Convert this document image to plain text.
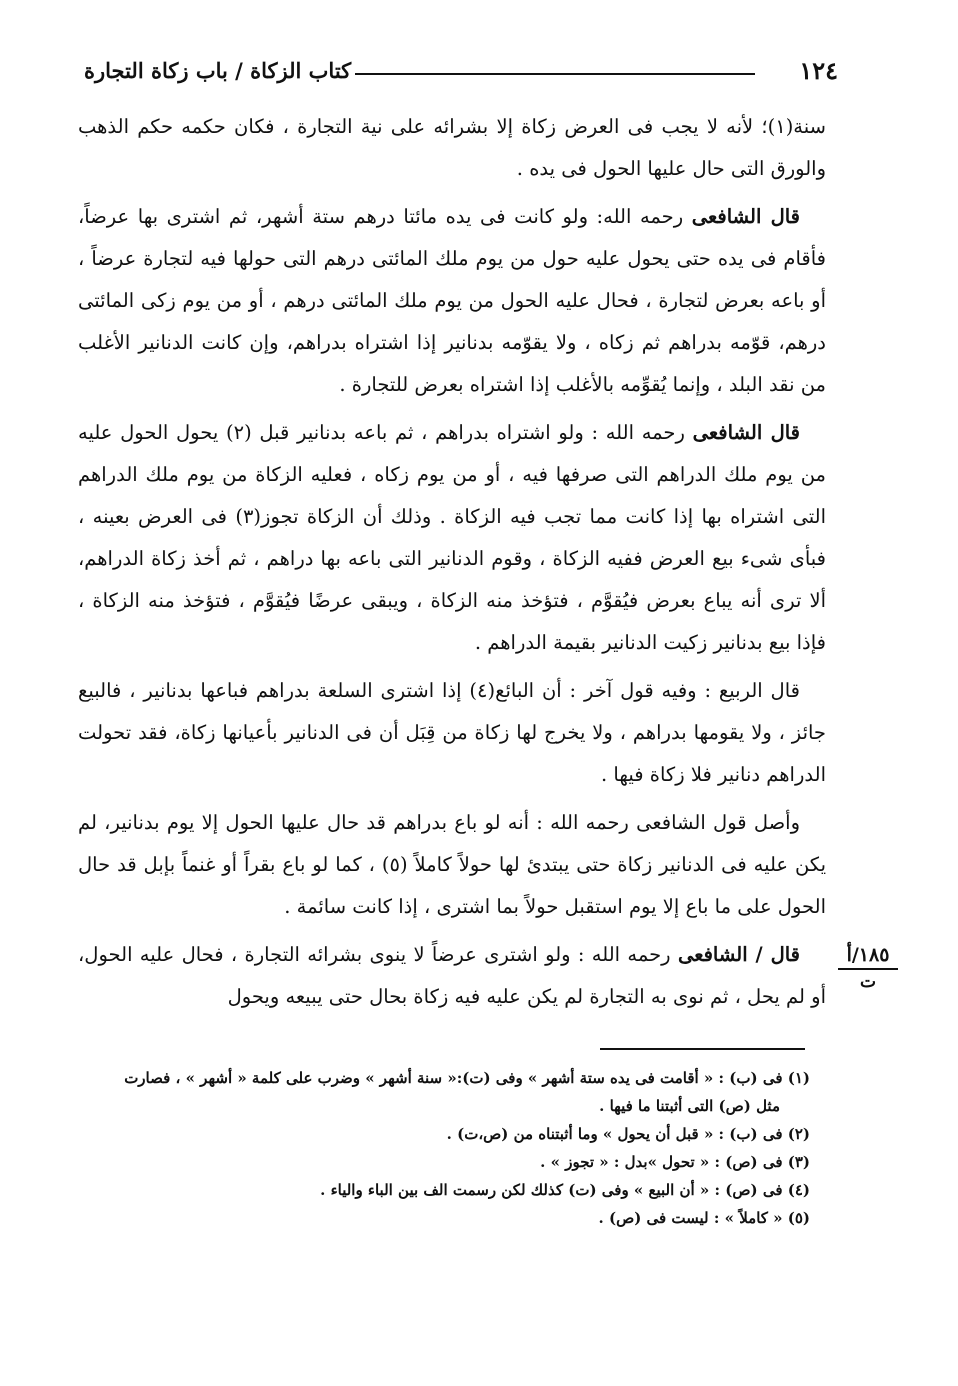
كتاب الزكاة / باب زكاة التجارة	١٢٤

سنة(١)؛ لأنه لا يجب فى العرض زكاة إلا بشرائه على نية التجارة ، فكان حكمه حكم الذهب والورق التى حال عليها الحول فى يده .

قال الشافعى رحمه الله: ولو كانت فى يده مائتا درهم ستة أشهر، ثم اشترى بها عرضاً، فأقام فى يده حتى يحول عليه حول من يوم ملك المائتى درهم التى حولها فيه لتجارة عرضاً ، أو باعه بعرض لتجارة ، فحال عليه الحول من يوم ملك المائتى درهم ، أو من يوم زكى المائتى درهم، قوّمه بدراهم ثم زكاه ، ولا يقوّمه بدنانير إذا اشتراه بدراهم، وإن كانت الدنانير الأغلب من نقد البلد ، وإنما يُقوِّمه بالأغلب إذا اشتراه بعرض للتجارة .

قال الشافعى رحمه الله : ولو اشتراه بدراهم ، ثم باعه بدنانير قبل (٢) يحول الحول عليه من يوم ملك الدراهم التى صرفها فيه ، أو من يوم زكاه ، فعليه الزكاة من يوم ملك الدراهم التى اشتراه بها إذا كانت مما تجب فيه الزكاة . وذلك أن الزكاة تجوز(٣) فى العرض بعينه ، فبأى شىء بيع العرض ففيه الزكاة ، وقوم الدنانير التى باعه بها دراهم ، ثم أخذ زكاة الدراهم، ألا ترى أنه يباع بعرض فيُقوَّم ، فتؤخذ منه الزكاة ، ويبقى عرضًا فيُقوَّم ، فتؤخذ منه الزكاة ، فإذا بيع بدنانير زكيت الدنانير بقيمة الدراهم .

قال الربيع : وفيه قول آخر : أن البائع(٤) إذا اشترى السلعة بدراهم فباعها بدنانير ، فالبيع جائز ، ولا يقومها بدراهم ، ولا يخرج لها زكاة من قِبَل أن فى الدنانير بأعيانها زكاة، فقد تحولت الدراهم دنانير فلا زكاة فيها .

وأصل قول الشافعى رحمه الله : أنه لو باع بدراهم قد حال عليها الحول إلا يوم بدنانير، لم يكن عليه فى الدنانير زكاة حتى يبتدئ لها حولاً كاملاً (٥) ، كما لو باع بقراً أو غنماً بإبل قد حال الحول على ما باع إلا يوم استقبل حولاً بما اشترى ، إذا كانت سائمة .

قال / الشافعى رحمه الله : ولو اشترى عرضاً لا ينوى بشرائه التجارة ، فحال عليه الحول، أو لم يحل ، ثم نوى به التجارة لم يكن عليه فيه زكاة بحال حتى يبيعه ويحول

١٨٥/أ
ت

(١) فى (ب) : « أقامت فى يده ستة أشهر » وفى (ت):« سنة أشهر » وضرب على كلمة « أشهر » ، فصارت
مثل (ص) التى أثبتنا ما فيها .

(٢) فى (ب) : « قبل أن يحول » وما أثبتناه من (ص،ت) .

(٣) فى (ص) : « تحول »بدل : « تجوز » .

(٤) فى (ص) : « أن البيع » وفى (ت) كذلك لكن رسمت الف بين الباء والياء .

(٥) « كاملاً » : ليست فى (ص) .
